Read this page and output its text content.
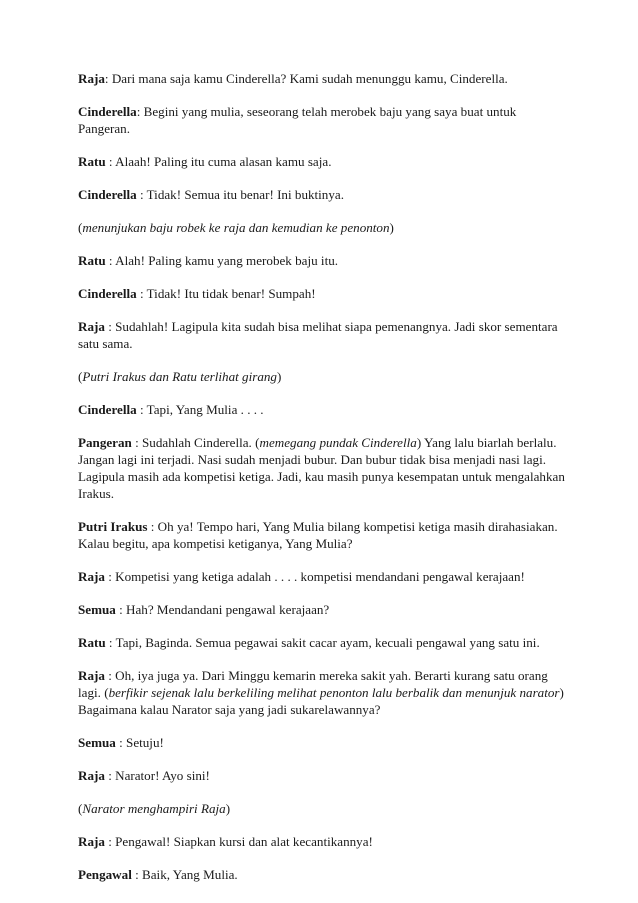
Raja: Dari mana saja kamu Cinderella? Kami sudah menunggu kamu, Cinderella.

Cinderella: Begini yang mulia, seseorang telah merobek baju yang saya buat untuk Pangeran.

Ratu : Alaah! Paling itu cuma alasan kamu saja.

Cinderella : Tidak! Semua itu benar! Ini buktinya.

(menunjukan baju robek ke raja dan kemudian ke penonton)

Ratu : Alah! Paling kamu yang merobek baju itu.

Cinderella : Tidak! Itu tidak benar! Sumpah!

Raja : Sudahlah! Lagipula kita sudah bisa melihat siapa pemenangnya. Jadi skor sementara satu sama.

(Putri Irakus dan Ratu terlihat girang)

Cinderella : Tapi, Yang Mulia . . . .

Pangeran : Sudahlah Cinderella. (memegang pundak Cinderella) Yang lalu biarlah berlalu. Jangan lagi ini terjadi. Nasi sudah menjadi bubur. Dan bubur tidak bisa menjadi nasi lagi. Lagipula masih ada kompetisi ketiga. Jadi, kau masih punya kesempatan untuk mengalahkan Irakus.

Putri Irakus : Oh ya! Tempo hari, Yang Mulia bilang kompetisi ketiga masih dirahasiakan. Kalau begitu, apa kompetisi ketiganya, Yang Mulia?

Raja : Kompetisi yang ketiga adalah . . . . kompetisi mendandani pengawal kerajaan!

Semua : Hah? Mendandani pengawal kerajaan?

Ratu : Tapi, Baginda. Semua pegawai sakit cacar ayam, kecuali pengawal yang satu ini.

Raja : Oh, iya juga ya. Dari Minggu kemarin mereka sakit yah. Berarti kurang satu orang lagi. (berfikir sejenak lalu berkeliling melihat penonton lalu berbalik dan menunjuk narator) Bagaimana kalau Narator saja yang jadi sukarelawannya?

Semua : Setuju!

Raja : Narator! Ayo sini!

(Narator menghampiri Raja)

Raja : Pengawal! Siapkan kursi dan alat kecantikannya!

Pengawal : Baik, Yang Mulia.
